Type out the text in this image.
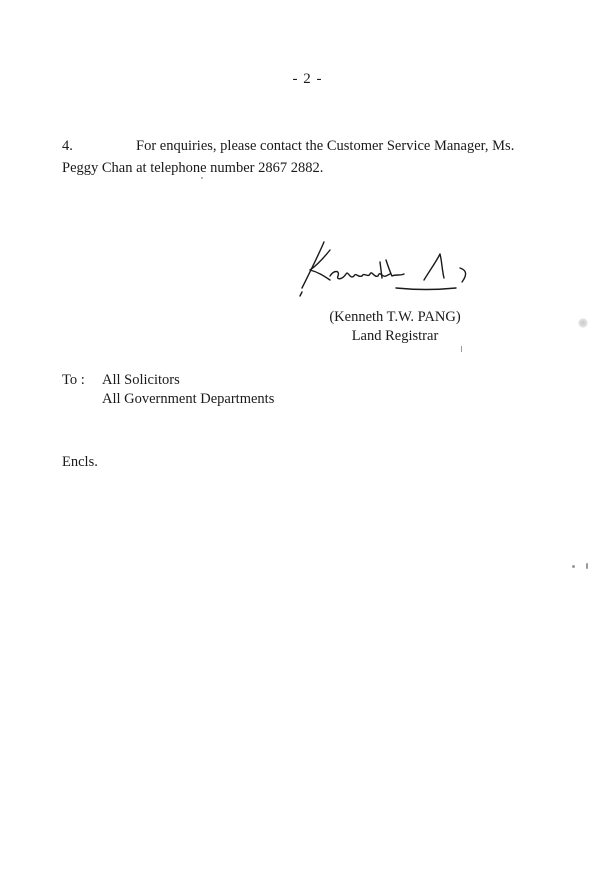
- 2 -
4.	For enquiries, please contact the Customer Service Manager, Ms. Peggy Chan at telephone number 2867 2882.
Kenneth
(Kenneth T.W. PANG)
Land Registrar
To : All Solicitors
All Government Departments
Encls.
